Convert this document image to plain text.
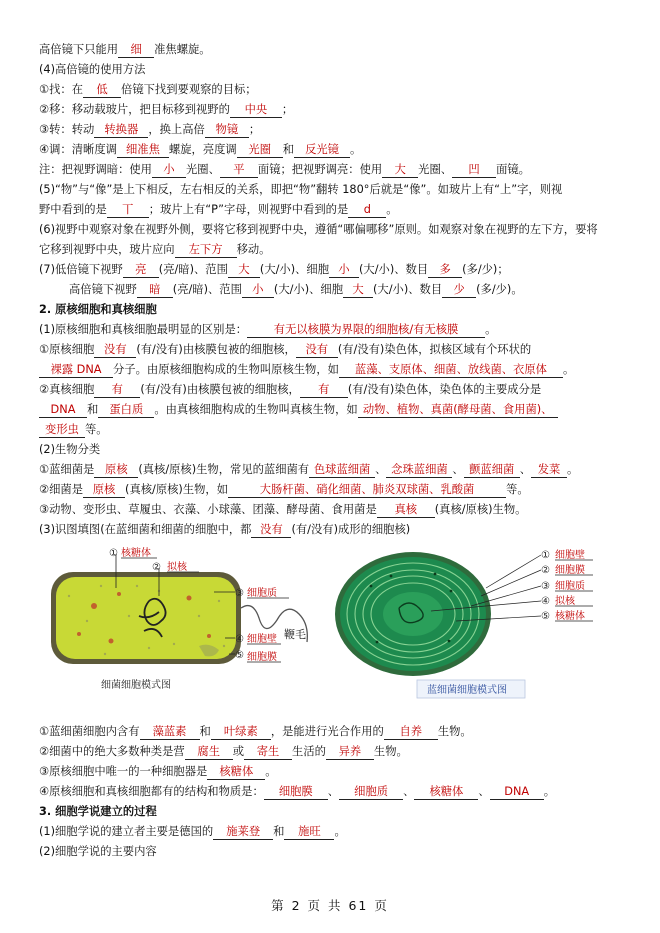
高倍镜下只能用 细 准焦螺旋。
(4)高倍镜的使用方法
①找：在 低 倍镜下找到要观察的目标；
②移：移动载玻片，把目标移到视野的 中央 ；
③转：转动 转换器 ，换上高倍 物镜 ；
④调：清晰度调 细准焦 螺旋，亮度调 光圈 和 反光镜 。
注：把视野调暗：使用 小 光圈、 平 面镜；把视野调亮：使用 大 光圈、 凹 面镜。
(5)“物”与“像”是上下相反，左右相反的关系，即把“物”翻转 180°后就是“像”。如玻片上有“上”字，则视
野中看到的是 丅 ；玻片上有“P”字母，则视野中看到的是 d 。
(6)视野中观察对象在视野外侧，要将它移到视野中央，遵循“哪偏哪移”原则。如观察对象在视野的左下方，要将
它移到视野中央，玻片应向 左下方 移动。
(7)低倍镜下视野 亮 (亮/暗)、范围 大 (大/小)、细胞 小 (大/小)、数目 多 (多/少)；
高倍镜下视野 暗 (亮/暗)、范围 小 (大/小)、细胞 大 (大/小)、数目 少 (多/少)。
2. 原核细胞和真核细胞
(1)原核细胞和真核细胞最明显的区别是： 有无以核膜为界限的细胞核/有无核膜 。
①原核细胞 没有 (有/没有)由核膜包被的细胞核， 没有 (有/没有)染色体，拟核区域有个环状的
裸露 DNA 分子。由原核细胞构成的生物叫原核生物，如 蓝藻、支原体、细菌、放线菌、衣原体 。
②真核细胞 有 (有/没有)由核膜包被的细胞核， 有 (有/没有)染色体，染色体的主要成分是
DNA 和 蛋白质 。由真核细胞构成的生物叫真核生物，如 动物、植物、真菌(酵母菌、食用菌)、
变形虫 等。
(2)生物分类
①蓝细菌是 原核 (真核/原核)生物，常见的蓝细菌有 色球蓝细菌 、 念珠蓝细菌 、 颤蓝细菌 、 发菜 。
②细菌是 原核 (真核/原核)生物，如	大肠杆菌、硝化细菌、肺炎双球菌、乳酸菌	等。
③动物、变形虫、草履虫、衣藻、小球藻、团藻、酵母菌、食用菌是 真核 (真核/原核)生物。
(3)识图填图(在蓝细菌和细菌的细胞中，都 没有 (有/没有)成形的细胞核)
鞭毛
① 核糖体
② 拟核
③ 细胞质
④ 细胞壁
⑤ 细胞膜
细菌细胞模式图	蓝细菌细胞模式图
① 细胞壁
② 细胞膜
③ 细胞质
④ 拟核
⑤ 核糖体
①蓝细菌细胞内含有 藻蓝素 和 叶绿素 ，是能进行光合作用的 自养 生物。
②细菌中的绝大多数种类是营 腐生 或 寄生 生活的 异养 生物。
③原核细胞中唯一的一种细胞器是 核糖体 。
④原核细胞和真核细胞都有的结构和物质是： 细胞膜 、 细胞质 、 核糖体 、 DNA 。
3. 细胞学说建立的过程
(1)细胞学说的建立者主要是德国的 施莱登 和 施旺 。
(2)细胞学说的主要内容
第 2 页 共 61 页
